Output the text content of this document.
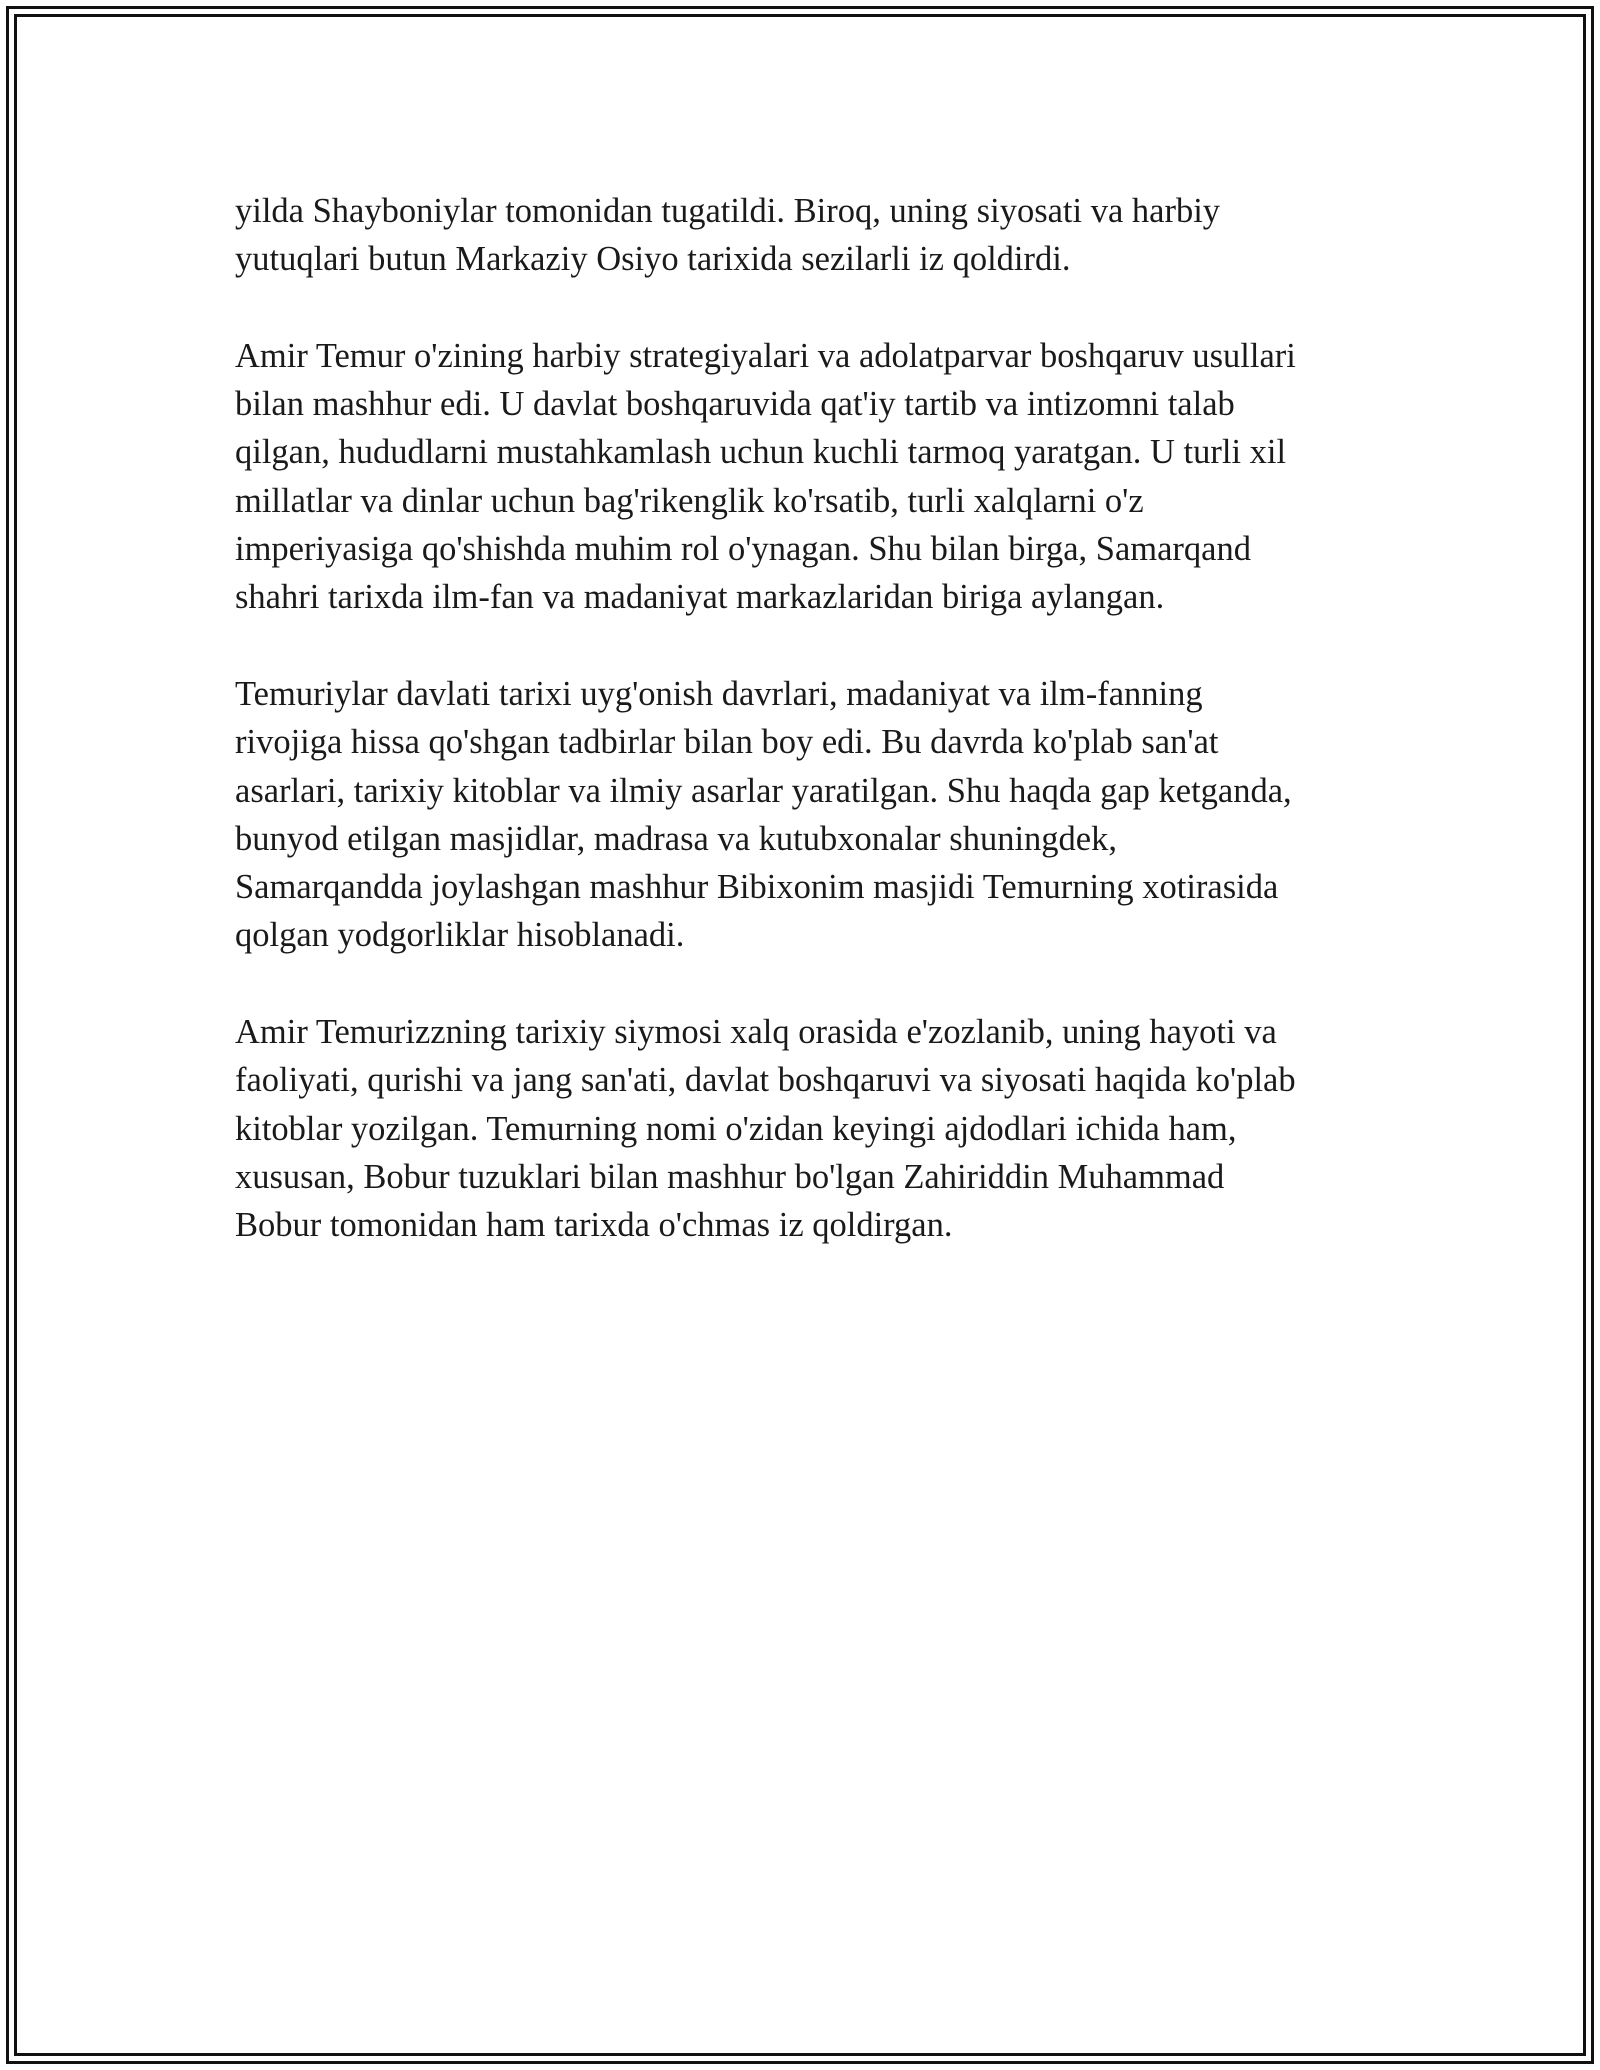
yilda Shayboniylar tomonidan tugatildi. Biroq, uning siyosati va harbiy
yutuqlari butun Markaziy Osiyo tarixida sezilarli iz qoldirdi.

Amir Temur o'zining harbiy strategiyalari va adolatparvar boshqaruv usullari
bilan mashhur edi. U davlat boshqaruvida qat'iy tartib va intizomni talab
qilgan, hududlarni mustahkamlash uchun kuchli tarmoq yaratgan. U turli xil
millatlar va dinlar uchun bag'rikenglik ko'rsatib, turli xalqlarni o'z
imperiyasiga qo'shishda muhim rol o'ynagan. Shu bilan birga, Samarqand
shahri tarixda ilm-fan va madaniyat markazlaridan biriga aylangan.

Temuriylar davlati tarixi uyg'onish davrlari, madaniyat va ilm-fanning
rivojiga hissa qo'shgan tadbirlar bilan boy edi. Bu davrda ko'plab san'at
asarlari, tarixiy kitoblar va ilmiy asarlar yaratilgan. Shu haqda gap ketganda,
bunyod etilgan masjidlar, madrasa va kutubxonalar shuningdek,
Samarqandda joylashgan mashhur Bibixonim masjidi Temurning xotirasida
qolgan yodgorliklar hisoblanadi.

Amir Temurizzning tarixiy siymosi xalq orasida e'zozlanib, uning hayoti va
faoliyati, qurishi va jang san'ati, davlat boshqaruvi va siyosati haqida ko'plab
kitoblar yozilgan. Temurning nomi o'zidan keyingi ajdodlari ichida ham,
xususan, Bobur tuzuklari bilan mashhur bo'lgan Zahiriddin Muhammad
Bobur tomonidan ham tarixda o'chmas iz qoldirgan.
